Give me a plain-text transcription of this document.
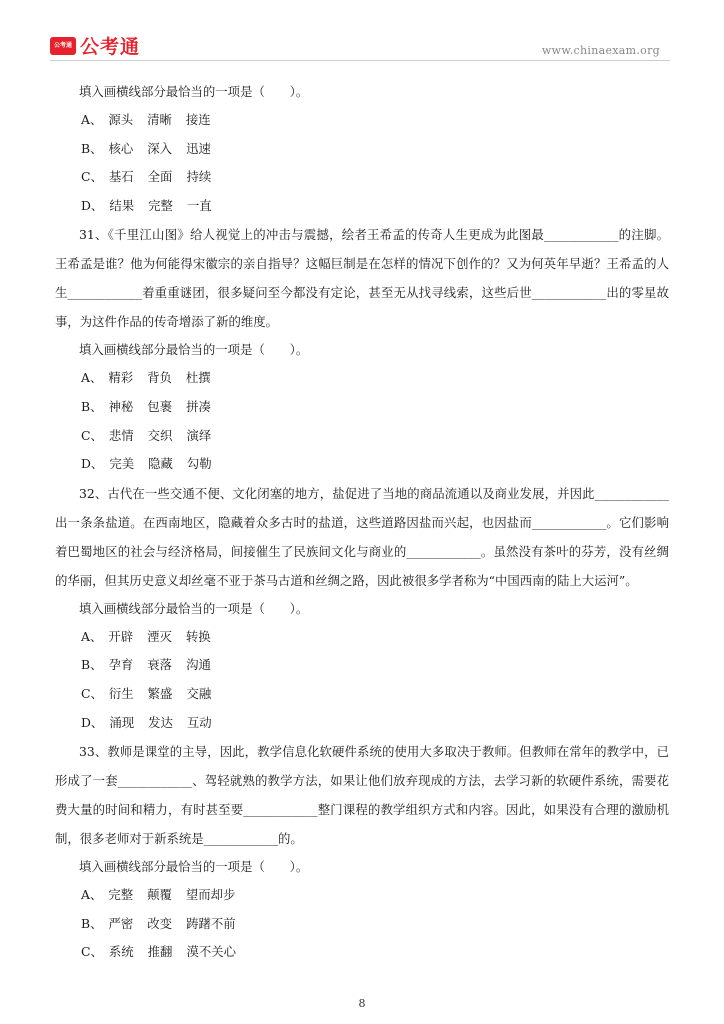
公考通 公考通	www.chinaexam.org
填入画横线部分最恰当的一项是（　　）。
A、 源头 清晰 接连
B、 核心 深入 迅速
C、 基石 全面 持续
D、 结果 完整 一直
31、《千里江山图》给人视觉上的冲击与震撼，绘者王希孟的传奇人生更成为此图最____________的注脚。王希孟是谁？他为何能得宋徽宗的亲自指导？这幅巨制是在怎样的情况下创作的？又为何英年早逝？王希孟的人生____________着重重谜团，很多疑问至今都没有定论，甚至无从找寻线索，这些后世____________出的零星故事，为这件作品的传奇增添了新的维度。
填入画横线部分最恰当的一项是（　　）。
A、 精彩 背负 杜撰
B、 神秘 包裹 拼凑
C、 悲情 交织 演绎
D、 完美 隐藏 勾勒
32、古代在一些交通不便、文化闭塞的地方，盐促进了当地的商品流通以及商业发展，并因此____________出一条条盐道。在西南地区，隐藏着众多古时的盐道，这些道路因盐而兴起，也因盐而____________。它们影响着巴蜀地区的社会与经济格局，间接催生了民族间文化与商业的____________。虽然没有茶叶的芬芳，没有丝绸的华丽，但其历史意义却丝毫不亚于茶马古道和丝绸之路，因此被很多学者称为“中国西南的陆上大运河”。
填入画横线部分最恰当的一项是（　　）。
A、 开辟 湮灭 转换
B、 孕育 衰落 沟通
C、 衍生 繁盛 交融
D、 涌现 发达 互动
33、教师是课堂的主导，因此，教学信息化软硬件系统的使用大多取决于教师。但教师在常年的教学中，已形成了一套____________、驾轻就熟的教学方法，如果让他们放弃现成的方法，去学习新的软硬件系统，需要花费大量的时间和精力，有时甚至要____________整门课程的教学组织方式和内容。因此，如果没有合理的激励机制，很多老师对于新系统是____________的。
填入画横线部分最恰当的一项是（　　）。
A、 完整 颠覆 望而却步
B、 严密 改变 踌躇不前
C、 系统 推翻 漠不关心
8
